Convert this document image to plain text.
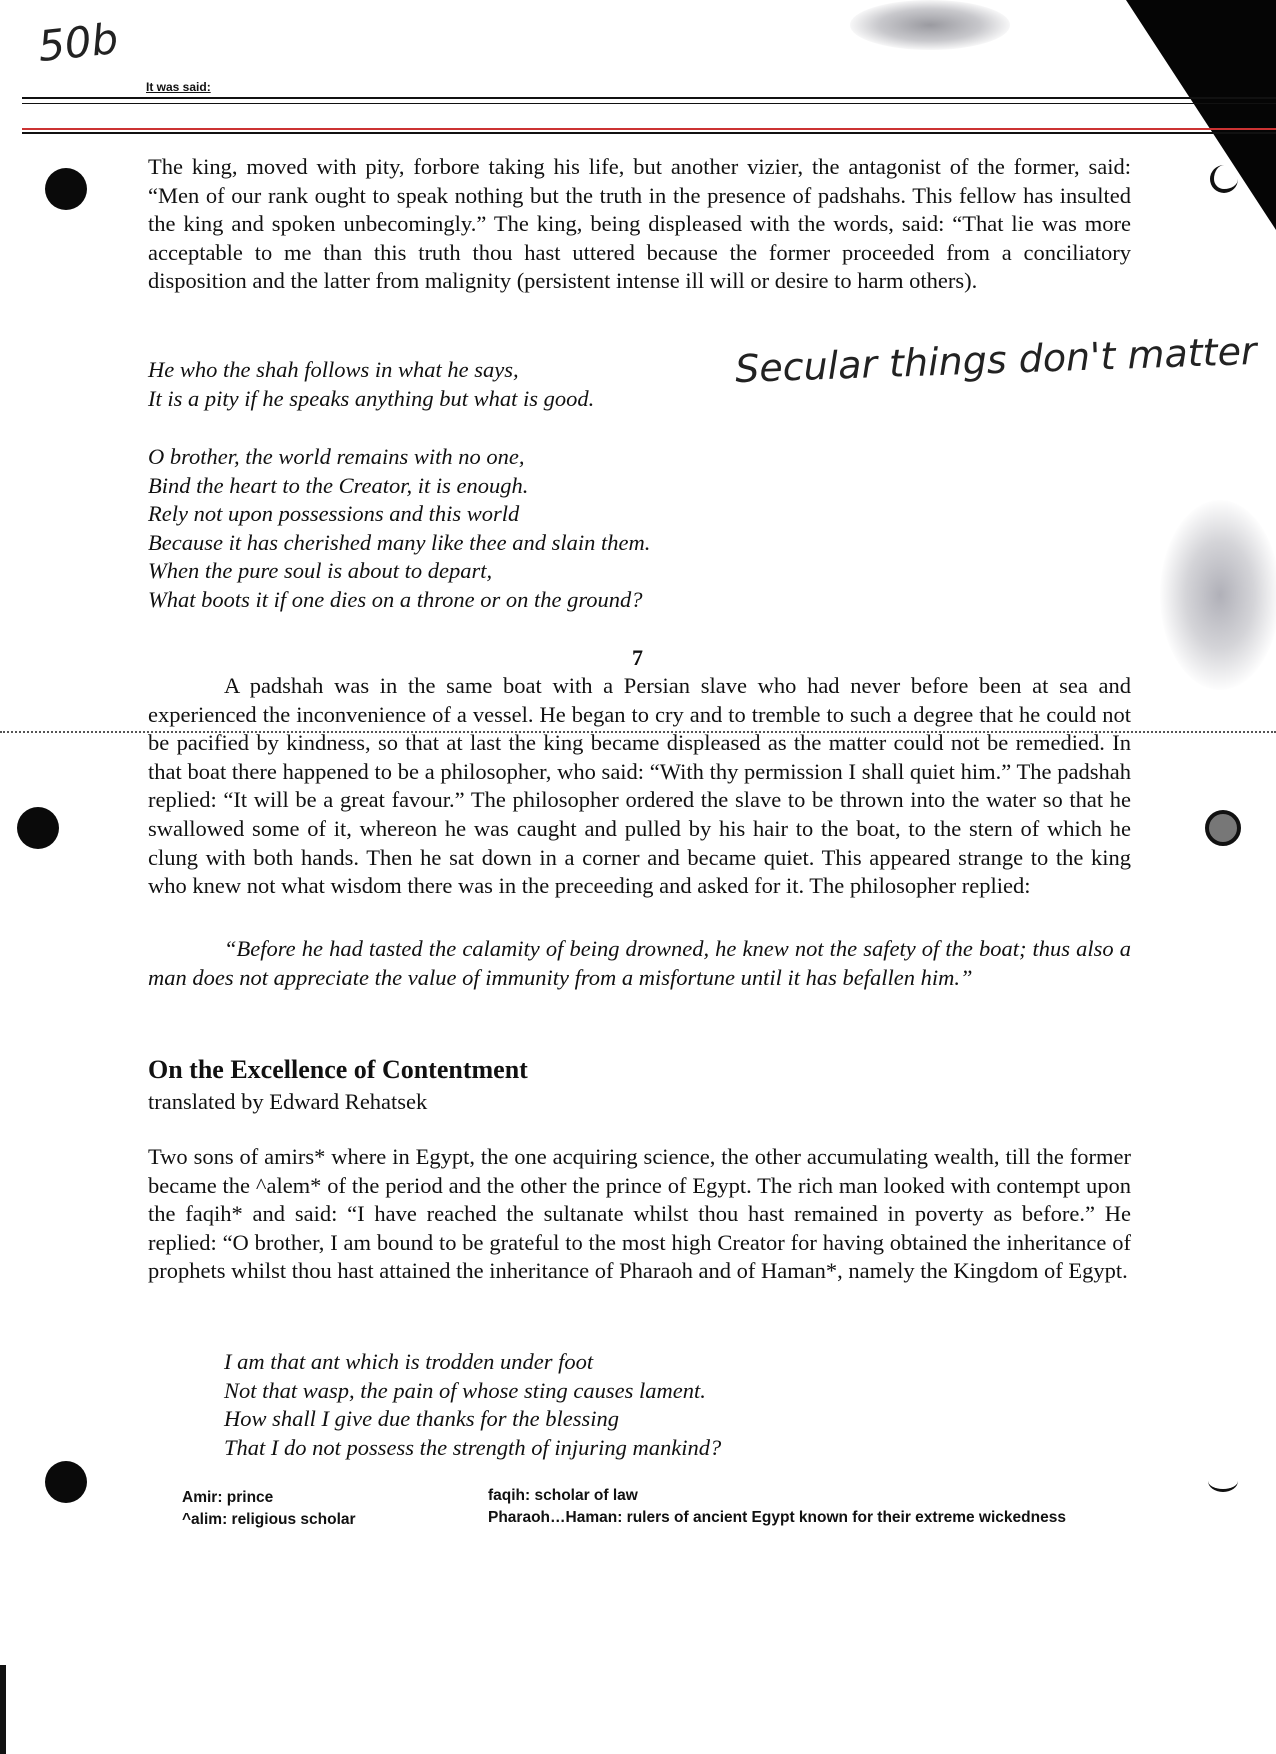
50b
Secular things don't matter
It was said:
The king, moved with pity, forbore taking his life, but another vizier, the antagonist of the former, said: “Men of our rank ought to speak nothing but the truth in the presence of padshahs. This fellow has insulted the king and spoken unbecomingly.” The king, being displeased with the words, said: “That lie was more acceptable to me than this truth thou hast uttered because the former proceeded from a conciliatory disposition and the latter from malignity (persistent intense ill will or desire to harm others).
He who the shah follows in what he says,
It is a pity if he speaks anything but what is good.
O brother, the world remains with no one,
Bind the heart to the Creator, it is enough.
Rely not upon possessions and this world
Because it has cherished many like thee and slain them.
When the pure soul is about to depart,
What boots it if one dies on a throne or on the ground?
7
A padshah was in the same boat with a Persian slave who had never before been at sea and experienced the inconvenience of a vessel. He began to cry and to tremble to such a degree that he could not be pacified by kindness, so that at last the king became displeased as the matter could not be remedied. In that boat there happened to be a philosopher, who said: “With thy permission I shall quiet him.” The padshah replied: “It will be a great favour.” The philosopher ordered the slave to be thrown into the water so that he swallowed some of it, whereon he was caught and pulled by his hair to the boat, to the stern of which he clung with both hands. Then he sat down in a corner and became quiet. This appeared strange to the king who knew not what wisdom there was in the preceeding and asked for it. The philosopher replied:
“Before he had tasted the calamity of being drowned, he knew not the safety of the boat; thus also a man does not appreciate the value of immunity from a misfortune until it has befallen him.”
On the Excellence of Contentment
translated by Edward Rehatsek
Two sons of amirs* where in Egypt, the one acquiring science, the other accumulating wealth, till the former became the ^alem* of the period and the other the prince of Egypt. The rich man looked with contempt upon the faqih* and said: “I have reached the sultanate whilst thou hast remained in poverty as before.” He replied: “O brother, I am bound to be grateful to the most high Creator for having obtained the inheritance of prophets whilst thou hast attained the inheritance of Pharaoh and of Haman*, namely the Kingdom of Egypt.
I am that ant which is trodden under foot
Not that wasp, the pain of whose sting causes lament.
How shall I give due thanks for the blessing
That I do not possess the strength of injuring mankind?
Amir: prince
^alim: religious scholar
faqih: scholar of law
Pharaoh…Haman: rulers of ancient Egypt known for their extreme wickedness
